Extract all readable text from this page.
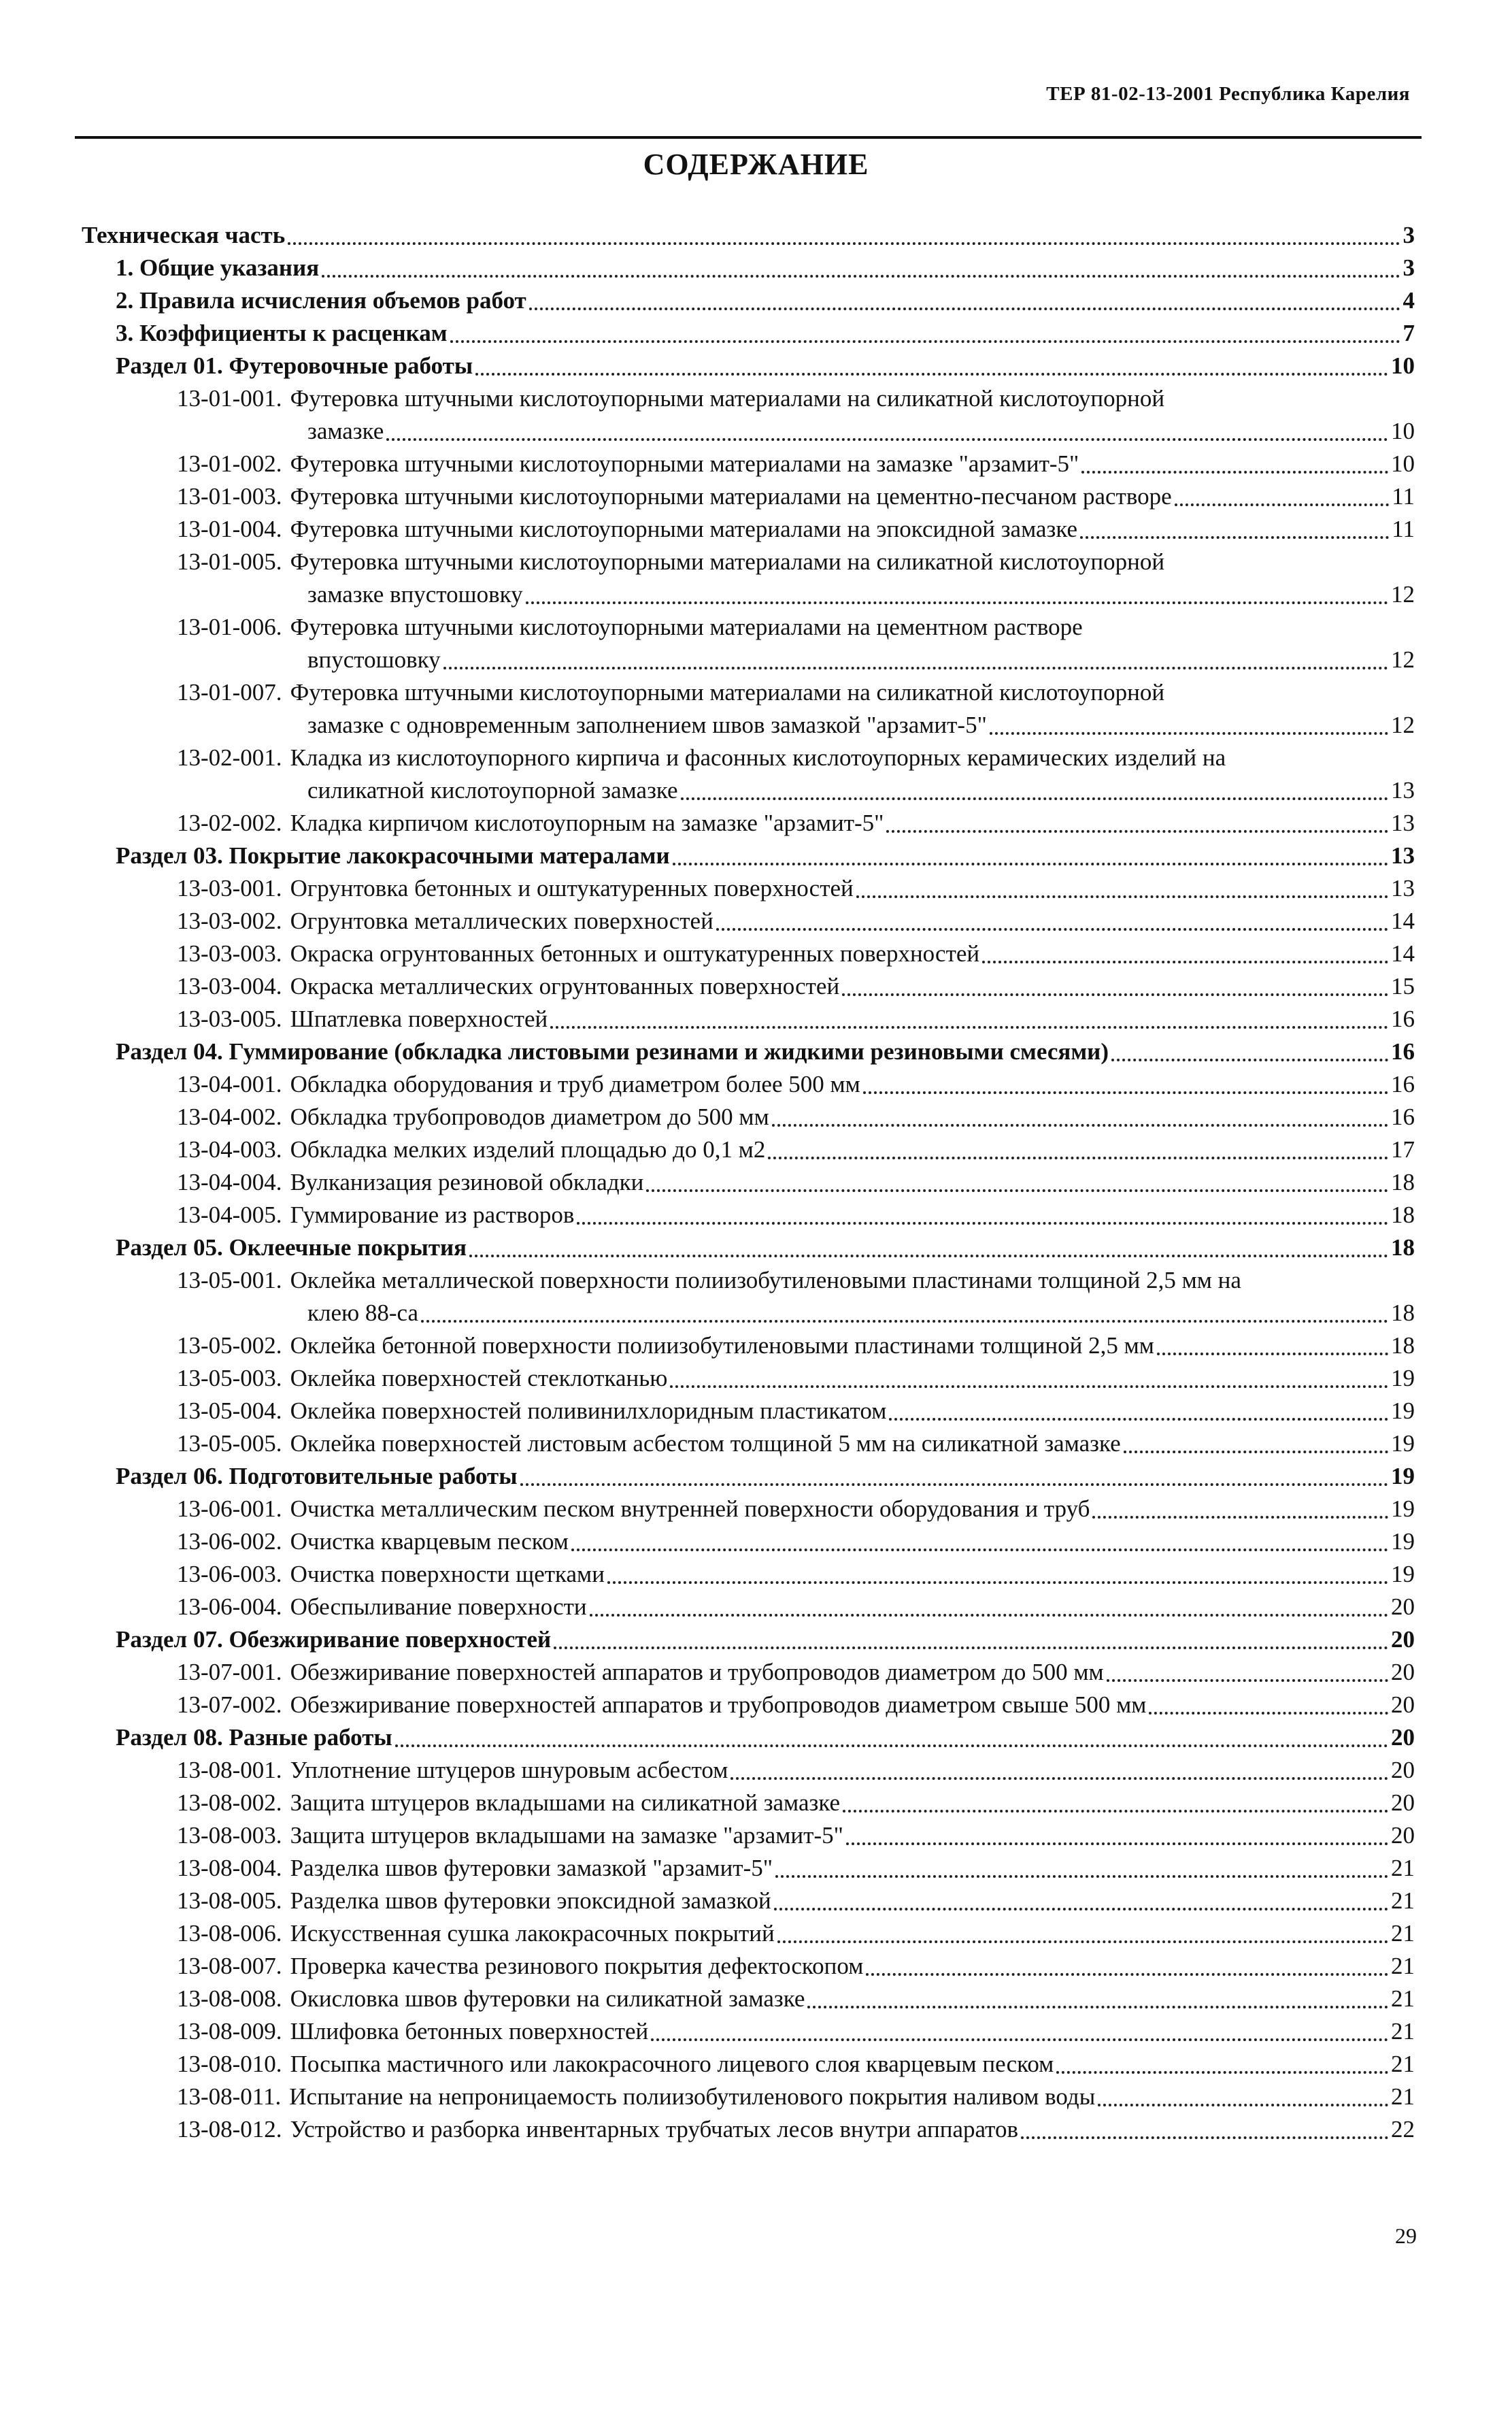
ТЕР 81-02-13-2001 Республика Карелия
СОДЕРЖАНИЕ
Техническая часть	3
1. Общие указания	3
2. Правила исчисления объемов работ	4
3. Коэффициенты к расценкам	7
Раздел 01. Футеровочные работы	10
13-01-001. Футеровка штучными кислотоупорными материалами на силикатной кислотоупорной
замазке	10
13-01-002. Футеровка штучными кислотоупорными материалами на замазке "арзамит-5"	10
13-01-003. Футеровка штучными кислотоупорными материалами на цементно-песчаном растворе	11
13-01-004. Футеровка штучными кислотоупорными материалами на эпоксидной замазке	11
13-01-005. Футеровка штучными кислотоупорными материалами на силикатной кислотоупорной
замазке впустошовку	12
13-01-006. Футеровка штучными кислотоупорными материалами на цементном растворе
впустошовку	12
13-01-007. Футеровка штучными кислотоупорными материалами на силикатной кислотоупорной
замазке с одновременным заполнением швов замазкой "арзамит-5"	12
13-02-001. Кладка из кислотоупорного кирпича и фасонных кислотоупорных керамических изделий на
силикатной кислотоупорной замазке	13
13-02-002. Кладка кирпичом кислотоупорным на замазке "арзамит-5"	13
Раздел 03. Покрытие лакокрасочными матералами	13
13-03-001. Огрунтовка бетонных и оштукатуренных поверхностей	13
13-03-002. Огрунтовка металлических поверхностей	14
13-03-003. Окраска огрунтованных бетонных и оштукатуренных поверхностей	14
13-03-004. Окраска металлических огрунтованных поверхностей	15
13-03-005. Шпатлевка поверхностей	16
Раздел 04. Гуммирование (обкладка листовыми резинами и жидкими резиновыми смесями)	16
13-04-001. Обкладка оборудования и труб диаметром более 500 мм	16
13-04-002. Обкладка трубопроводов диаметром до 500 мм	16
13-04-003. Обкладка мелких изделий площадью до 0,1 м2	17
13-04-004. Вулканизация резиновой обкладки	18
13-04-005. Гуммирование из растворов	18
Раздел 05. Оклеечные покрытия	18
13-05-001. Оклейка металлической поверхности полиизобутиленовыми пластинами толщиной 2,5 мм на
клею 88-са	18
13-05-002. Оклейка бетонной поверхности полиизобутиленовыми пластинами толщиной 2,5 мм	18
13-05-003. Оклейка поверхностей стеклотканью	19
13-05-004. Оклейка поверхностей поливинилхлоридным пластикатом	19
13-05-005. Оклейка поверхностей листовым асбестом толщиной 5 мм на силикатной замазке	19
Раздел 06. Подготовительные работы	19
13-06-001. Очистка металлическим песком внутренней поверхности оборудования и труб	19
13-06-002. Очистка кварцевым песком	19
13-06-003. Очистка поверхности щетками	19
13-06-004. Обеспыливание поверхности	20
Раздел 07. Обезжиривание поверхностей	20
13-07-001. Обезжиривание поверхностей аппаратов и трубопроводов диаметром до 500 мм	20
13-07-002. Обезжиривание поверхностей аппаратов и трубопроводов диаметром свыше 500 мм	20
Раздел 08. Разные работы	20
13-08-001. Уплотнение штуцеров шнуровым асбестом	20
13-08-002. Защита штуцеров вкладышами на силикатной замазке	20
13-08-003. Защита штуцеров вкладышами на замазке "арзамит-5"	20
13-08-004. Разделка швов футеровки замазкой "арзамит-5"	21
13-08-005. Разделка швов футеровки эпоксидной замазкой	21
13-08-006. Искусственная сушка лакокрасочных покрытий	21
13-08-007. Проверка качества резинового покрытия дефектоскопом	21
13-08-008. Окисловка швов футеровки на силикатной замазке	21
13-08-009. Шлифовка бетонных поверхностей	21
13-08-010. Посыпка мастичного или лакокрасочного лицевого слоя кварцевым песком	21
13-08-011. Испытание на непроницаемость полиизобутиленового покрытия наливом воды	21
13-08-012. Устройство и разборка инвентарных трубчатых лесов внутри аппаратов	22
29
